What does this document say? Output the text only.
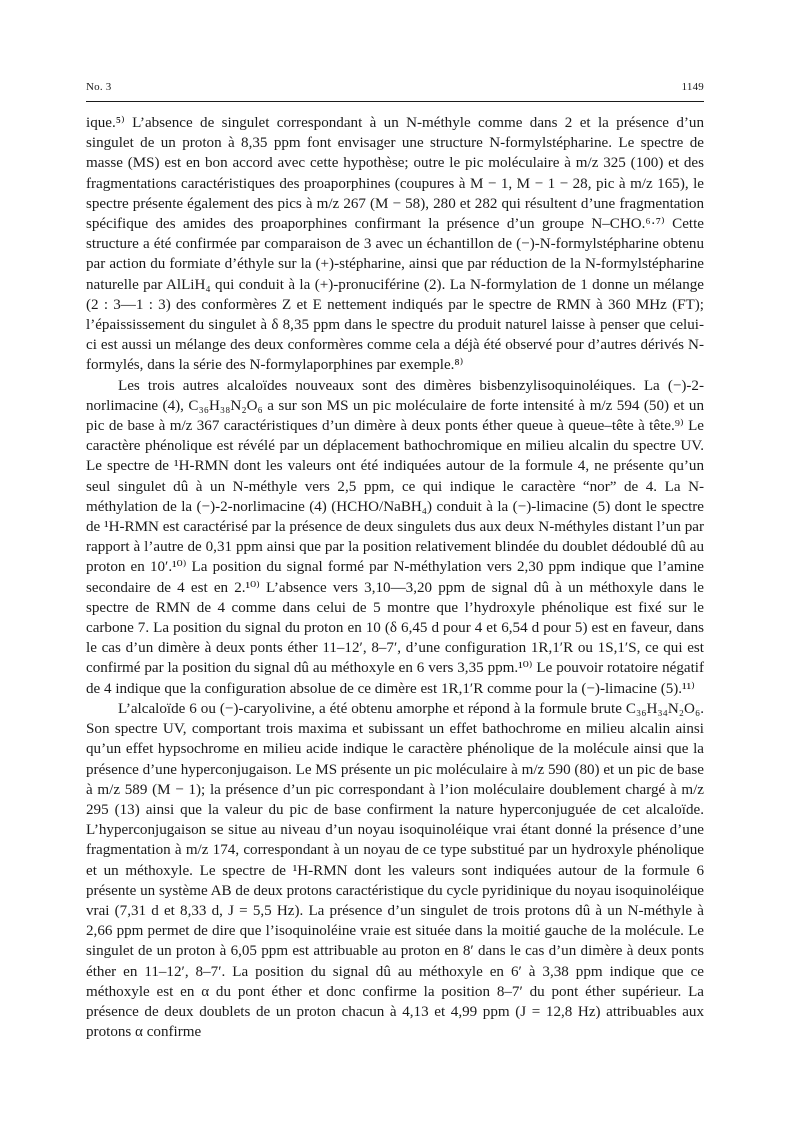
No. 3	1149

ique.⁵⁾ L’absence de singulet correspondant à un N-méthyle comme dans 2 et la présence d’un singulet de un proton à 8,35 ppm font envisager une structure N-formylstépharine. Le spectre de masse (MS) est en bon accord avec cette hypothèse; outre le pic moléculaire à m/z 325 (100) et des fragmentations caractéristiques des proaporphines (coupures à M − 1, M − 1 − 28, pic à m/z 165), le spectre présente également des pics à m/z 267 (M − 58), 280 et 282 qui résultent d’une fragmentation spécifique des amides des proaporphines confirmant la présence d’un groupe N–CHO.⁶·⁷⁾ Cette structure a été confirmée par comparaison de 3 avec un échantillon de (−)-N-formylstépharine obtenu par action du formiate d’éthyle sur la (+)-stépharine, ainsi que par réduction de la N-formylstépharine naturelle par AlLiH₄ qui conduit à la (+)-pronuciférine (2). La N-formylation de 1 donne un mélange (2 : 3—1 : 3) des conformères Z et E nettement indiqués par le spectre de RMN à 360 MHz (FT); l’épaississement du singulet à δ 8,35 ppm dans le spectre du produit naturel laisse à penser que celui-ci est aussi un mélange des deux conformères comme cela a déjà été observé pour d’autres dérivés N-formylés, dans la série des N-formylaporphines par exemple.⁸⁾

Les trois autres alcaloïdes nouveaux sont des dimères bisbenzylisoquinoléiques. La (−)-2-norlimacine (4), C₃₆H₃₈N₂O₆ a sur son MS un pic moléculaire de forte intensité à m/z 594 (50) et un pic de base à m/z 367 caractéristiques d’un dimère à deux ponts éther queue à queue–tête à tête.⁹⁾ Le caractère phénolique est révélé par un déplacement bathochromique en milieu alcalin du spectre UV. Le spectre de ¹H-RMN dont les valeurs ont été indiquées autour de la formule 4, ne présente qu’un seul singulet dû à un N-méthyle vers 2,5 ppm, ce qui indique le caractère “nor” de 4. La N-méthylation de la (−)-2-norlimacine (4) (HCHO/NaBH₄) conduit à la (−)-limacine (5) dont le spectre de ¹H-RMN est caractérisé par la présence de deux singulets dus aux deux N-méthyles distant l’un par rapport à l’autre de 0,31 ppm ainsi que par la position relativement blindée du doublet dédoublé dû au proton en 10′.¹⁰⁾ La position du signal formé par N-méthylation vers 2,30 ppm indique que l’amine secondaire de 4 est en 2.¹⁰⁾ L’absence vers 3,10—3,20 ppm de signal dû à un méthoxyle dans le spectre de RMN de 4 comme dans celui de 5 montre que l’hydroxyle phénolique est fixé sur le carbone 7. La position du signal du proton en 10 (δ 6,45 d pour 4 et 6,54 d pour 5) est en faveur, dans le cas d’un dimère à deux ponts éther 11–12′, 8–7′, d’une configuration 1R,1′R ou 1S,1′S, ce qui est confirmé par la position du signal dû au méthoxyle en 6 vers 3,35 ppm.¹⁰⁾ Le pouvoir rotatoire négatif de 4 indique que la configuration absolue de ce dimère est 1R,1′R comme pour la (−)-limacine (5).¹¹⁾

L’alcaloïde 6 ou (−)-caryolivine, a été obtenu amorphe et répond à la formule brute C₃₆H₃₄N₂O₆. Son spectre UV, comportant trois maxima et subissant un effet bathochrome en milieu alcalin ainsi qu’un effet hypsochrome en milieu acide indique le caractère phénolique de la molécule ainsi que la présence d’une hyperconjugaison. Le MS présente un pic moléculaire à m/z 590 (80) et un pic de base à m/z 589 (M − 1); la présence d’un pic correspondant à l’ion moléculaire doublement chargé à m/z 295 (13) ainsi que la valeur du pic de base confirment la nature hyperconjuguée de cet alcaloïde. L’hyperconjugaison se situe au niveau d’un noyau isoquinoléique vrai étant donné la présence d’une fragmentation à m/z 174, correspondant à un noyau de ce type substitué par un hydroxyle phénolique et un méthoxyle. Le spectre de ¹H-RMN dont les valeurs sont indiquées autour de la formule 6 présente un système AB de deux protons caractéristique du cycle pyridinique du noyau isoquinoléique vrai (7,31 d et 8,33 d, J = 5,5 Hz). La présence d’un singulet de trois protons dû à un N-méthyle à 2,66 ppm permet de dire que l’isoquinoléine vraie est située dans la moitié gauche de la molécule. Le singulet de un proton à 6,05 ppm est attribuable au proton en 8′ dans le cas d’un dimère à deux ponts éther en 11–12′, 8–7′. La position du signal dû au méthoxyle en 6′ à 3,38 ppm indique que ce méthoxyle est en α du pont éther et donc confirme la position 8–7′ du pont éther supérieur. La présence de deux doublets de un proton chacun à 4,13 et 4,99 ppm (J = 12,8 Hz) attribuables aux protons α confirme
